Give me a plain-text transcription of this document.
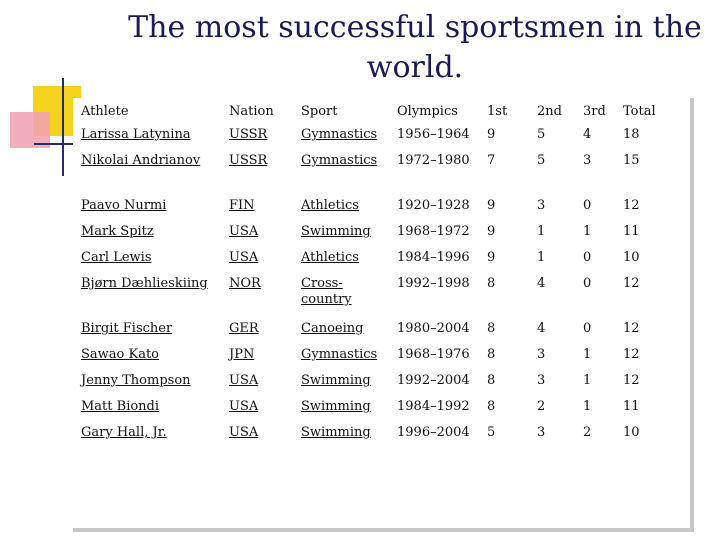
The most successful sportsmen in the world.
Athlete	Nation	Sport	Olympics	1st	2nd	3rd	Total
Larissa Latynina	USSR	Gymnastics	1956–1964	9	5	4	18
Nikolai Andrianov	USSR	Gymnastics	1972–1980	7	5	3	15
Paavo Nurmi	FIN	Athletics	1920–1928	9	3	0	12
Mark Spitz	USA	Swimming	1968–1972	9	1	1	11
Carl Lewis	USA	Athletics	1984–1996	9	1	0	10
Bjørn Dæhlieskiing	NOR	Cross-country	1992–1998	8	4	0	12
Birgit Fischer	GER	Canoeing	1980–2004	8	4	0	12
Sawao Kato	JPN	Gymnastics	1968–1976	8	3	1	12
Jenny Thompson	USA	Swimming	1992–2004	8	3	1	12
Matt Biondi	USA	Swimming	1984–1992	8	2	1	11
Gary Hall, Jr.	USA	Swimming	1996–2004	5	3	2	10
